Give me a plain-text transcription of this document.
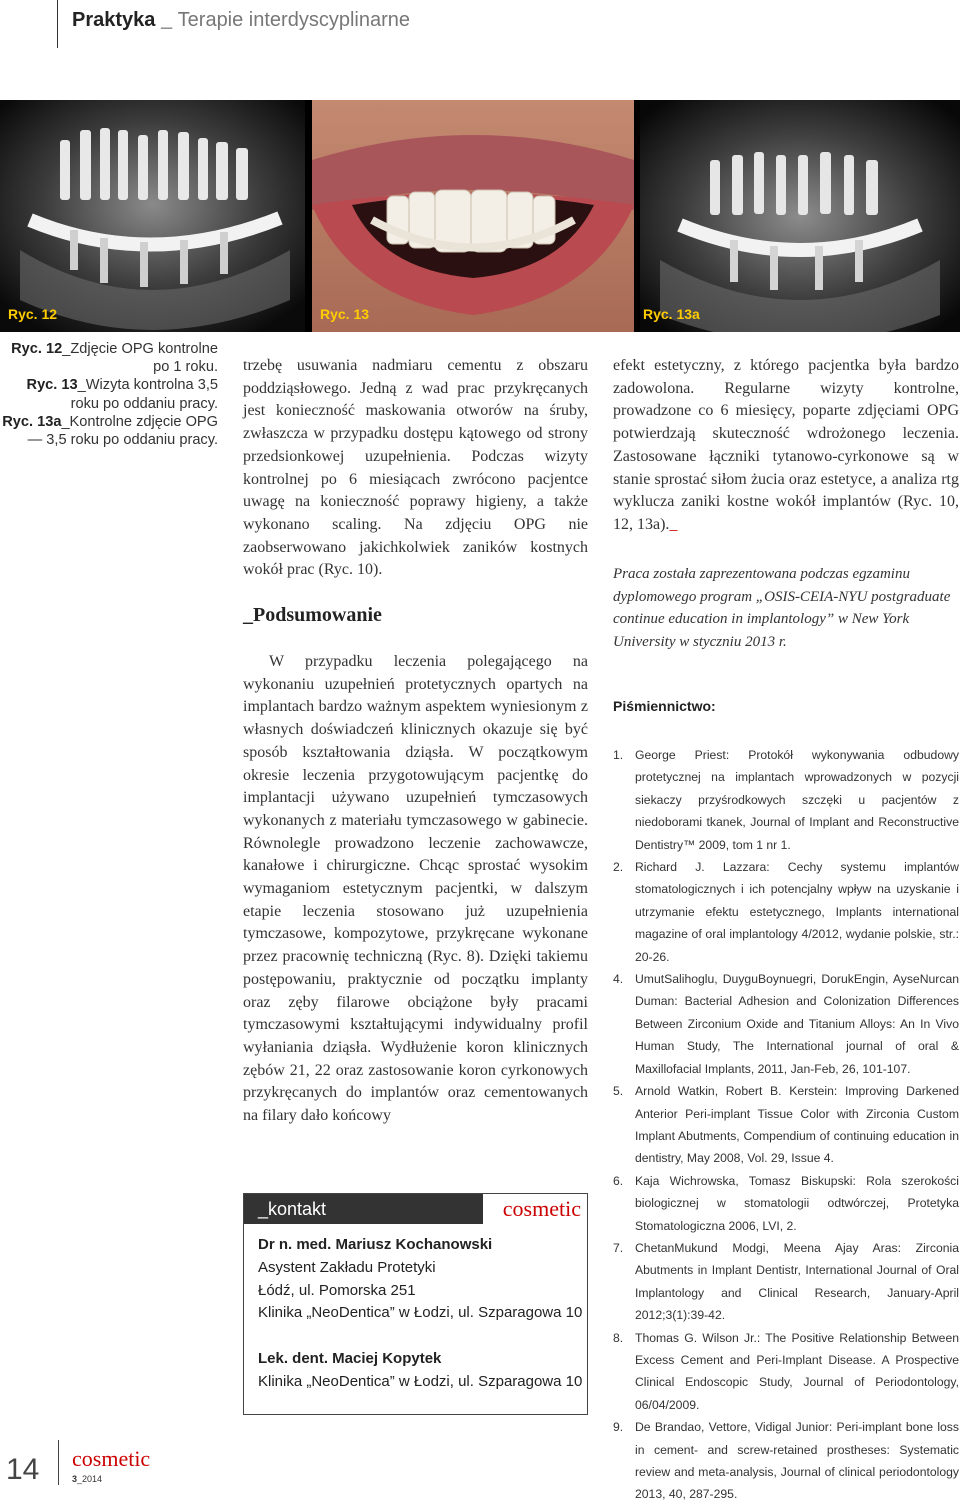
Praktyka _ Terapie interdyscyplinarne
Ryc. 12	Ryc. 13	Ryc. 13a
Ryc. 12_Zdjęcie OPG kontrolne po 1 roku.
Ryc. 13_Wizyta kontrolna 3,5 roku po oddaniu pracy.
Ryc. 13a_Kontrolne zdjęcie OPG — 3,5 roku po oddaniu pracy.

trzebę usuwania nadmiaru cementu z obszaru poddziąsłowego. Jedną z wad prac przykręcanych jest konieczność maskowania otworów na śruby, zwłaszcza w przypadku dostępu kątowego od strony przedsionkowej uzupełnienia. Podczas wizyty kontrolnej po 6 miesiącach zwrócono pacjentce uwagę na konieczność poprawy higieny, a także wykonano scaling. Na zdjęciu OPG nie zaobserwowano jakichkolwiek zaników kostnych wokół prac (Ryc. 10).

_Podsumowanie

W przypadku leczenia polegającego na wykonaniu uzupełnień protetycznych opartych na implantach bardzo ważnym aspektem wyniesionym z własnych doświadczeń klinicznych okazuje się być sposób kształtowania dziąsła. W początkowym okresie leczenia przygotowującym pacjentkę do implantacji używano uzupełnień tymczasowych wykonanych z materiału tymczasowego w gabinecie. Równolegle prowadzono leczenie zachowawcze, kanałowe i chirurgiczne. Chcąc sprostać wysokim wymaganiom estetycznym pacjentki, w dalszym etapie leczenia stosowano już uzupełnienia tymczasowe, kompozytowe, przykręcane wykonane przez pracownię techniczną (Ryc. 8). Dzięki takiemu postępowaniu, praktycznie od początku implanty oraz zęby filarowe obciążone były pracami tymczasowymi kształtującymi indywidualny profil wyłaniania dziąsła. Wydłużenie koron klinicznych zębów 21, 22 oraz zastosowanie koron cyrkonowych przykręcanych do implantów oraz cementowanych na filary dało końcowy

_kontakt	cosmetic
Dr n. med. Mariusz Kochanowski
Asystent Zakładu Protetyki
Łódź, ul. Pomorska 251
Klinika „NeoDentica” w Łodzi, ul. Szparagowa 10
Lek. dent. Maciej Kopytek
Klinika „NeoDentica” w Łodzi, ul. Szparagowa 10

efekt estetyczny, z którego pacjentka była bardzo zadowolona. Regularne wizyty kontrolne, prowadzone co 6 miesięcy, poparte zdjęciami OPG potwierdzają skuteczność wdrożonego leczenia. Zastosowane łączniki tytanowo-cyrkonowe są w stanie sprostać siłom żucia oraz estetyce, a analiza rtg wyklucza zaniki kostne wokół implantów (Ryc. 10, 12, 13a)._

Praca została zaprezentowana podczas egzaminu dyplomowego program „OSIS-CEIA-NYU postgraduate continue education in implantology” w New York University w styczniu 2013 r.
Piśmiennictwo:
1. George Priest: Protokół wykonywania odbudowy protetycznej na implantach wprowadzonych w pozycji siekaczy przyśrodkowych szczęki u pacjentów z niedoborami tkanek, Journal of Implant and Reconstructive Dentistry™ 2009, tom 1 nr 1.
2. Richard J. Lazzara: Cechy systemu implantów stomatologicznych i ich potencjalny wpływ na uzyskanie i utrzymanie efektu estetycznego, Implants international magazine of oral implantology 4/2012, wydanie polskie, str.: 20-26.
4. UmutSalihoglu, DuyguBoynuegri, DorukEngin, AyseNurcan Duman: Bacterial Adhesion and Colonization Differences Between Zirconium Oxide and Titanium Alloys: An In Vivo Human Study, The International journal of oral & Maxillofacial Implants, 2011, Jan-Feb, 26, 101-107.
5. Arnold Watkin, Robert B. Kerstein: Improving Darkened Anterior Peri-implant Tissue Color with Zirconia Custom Implant Abutments, Compendium of continuing education in dentistry, May 2008, Vol. 29, Issue 4.
6. Kaja Wichrowska, Tomasz Biskupski: Rola szerokości biologicznej w stomatologii odtwórczej, Protetyka Stomatologiczna 2006, LVI, 2.
7. ChetanMukund Modgi, Meena Ajay Aras: Zirconia Abutments in Implant Dentistr, International Journal of Oral Implantology and Clinical Research, January-April 2012;3(1):39-42.
8. Thomas G. Wilson Jr.: The Positive Relationship Between Excess Cement and Peri-Implant Disease. A Prospective Clinical Endoscopic Study, Journal of Periodontology, 06/04/2009.
9. De Brandao, Vettore, Vidigal Junior: Peri-implant bone loss in cement- and screw-retained prostheses: Systematic review and meta-analysis, Journal of clinical periodontology 2013, 40, 287-295.
14 cosmetic
3_2014
